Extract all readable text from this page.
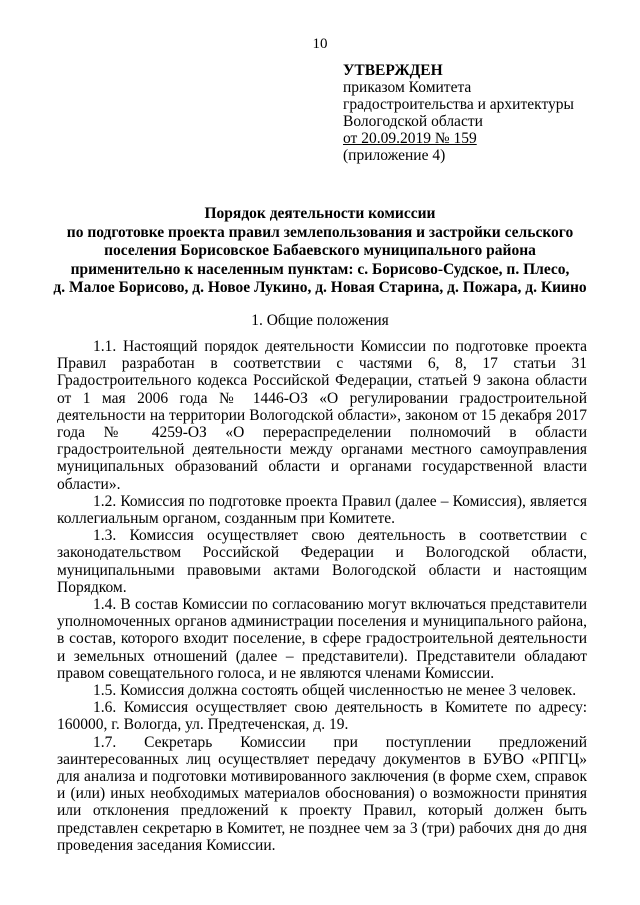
10
УТВЕРЖДЕН
приказом Комитета
градостроительства и архитектуры
Вологодской области
от 20.09.2019 № 159
(приложение 4)
Порядок деятельности комиссии
по подготовке проекта правил землепользования и застройки сельского
поселения Борисовское Бабаевского муниципального района
применительно к населенным пунктам: с. Борисово-Судское, п. Плесо,
д. Малое Борисово, д. Новое Лукино, д. Новая Старина, д. Пожара, д. Киино
1. Общие положения

1.1. Настоящий порядок деятельности Комиссии по подготовке проекта Правил разработан в соответствии с частями 6, 8, 17 статьи 31 Градостроительного кодекса Российской Федерации, статьей 9 закона области от 1 мая 2006 года № 1446-ОЗ «О регулировании градостроительной деятельности на территории Вологодской области», законом от 15 декабря 2017 года № 4259-ОЗ «О перераспределении полномочий в области градостроительной деятельности между органами местного самоуправления муниципальных образований области и органами государственной власти области».

1.2. Комиссия по подготовке проекта Правил (далее – Комиссия), является коллегиальным органом, созданным при Комитете.

1.3. Комиссия осуществляет свою деятельность в соответствии с законодательством Российской Федерации и Вологодской области, муниципальными правовыми актами Вологодской области и настоящим Порядком.

1.4. В состав Комиссии по согласованию могут включаться представители уполномоченных органов администрации поселения и муниципального района, в состав, которого входит поселение, в сфере градостроительной деятельности и земельных отношений (далее – представители). Представители обладают правом совещательного голоса, и не являются членами Комиссии.

1.5. Комиссия должна состоять общей численностью не менее 3 человек.

1.6. Комиссия осуществляет свою деятельность в Комитете по адресу: 160000, г. Вологда, ул. Предтеченская, д. 19.

1.7. Секретарь Комиссии при поступлении предложений заинтересованных лиц осуществляет передачу документов в БУВО «РПГЦ» для анализа и подготовки мотивированного заключения (в форме схем, справок и (или) иных необходимых материалов обоснования) о возможности принятия или отклонения предложений к проекту Правил, который должен быть представлен секретарю в Комитет, не позднее чем за 3 (три) рабочих дня до дня проведения заседания Комиссии.
